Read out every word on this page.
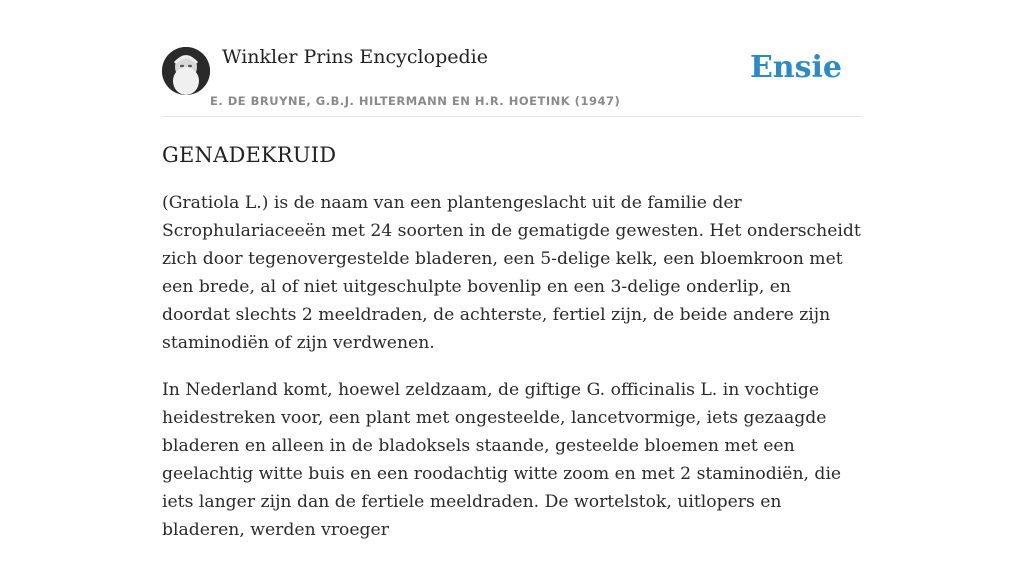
Winkler Prins Encyclopedie
E. DE BRUYNE, G.B.J. HILTERMANN EN H.R. HOETINK (1947)
Ensie
GENADEKRUID

(Gratiola L.) is de naam van een plantengeslacht uit de familie der Scrophulariaceeën met 24 soorten in de gematigde gewesten. Het onderscheidt zich door tegenovergestelde bladeren, een 5-delige kelk, een bloemkroon met een brede, al of niet uitgeschulpte bovenlip en een 3-delige onderlip, en doordat slechts 2 meeldraden, de achterste, fertiel zijn, de beide andere zijn staminodiën of zijn verdwenen.

In Nederland komt, hoewel zeldzaam, de giftige G. officinalis L. in vochtige heidestreken voor, een plant met ongesteelde, lancetvormige, iets gezaagde bladeren en alleen in de bladoksels staande, gesteelde bloemen met een geelachtig witte buis en een roodachtig witte zoom en met 2 staminodiën, die iets langer zijn dan de fertiele meeldraden. De wortelstok, uitlopers en bladeren, werden vroeger
